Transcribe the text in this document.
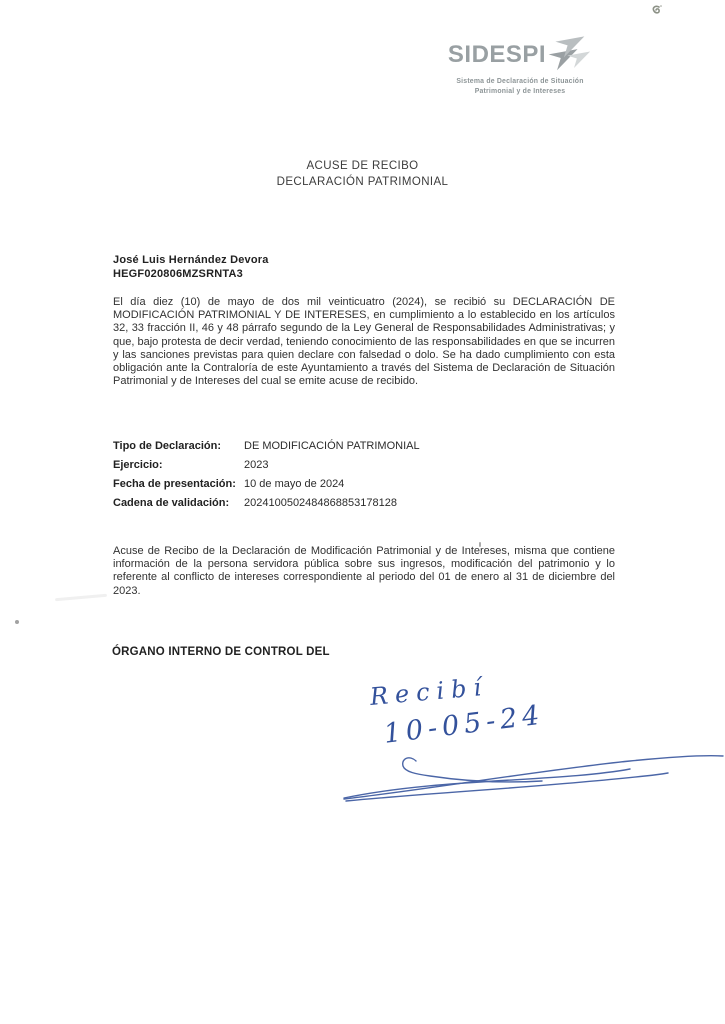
SIDESPI
Sistema de Declaración de Situación
Patrimonial y de Intereses
ACUSE DE RECIBO
DECLARACIÓN PATRIMONIAL
José Luis Hernández Devora
HEGF020806MZSRNTA3
El día diez (10) de mayo de dos mil veinticuatro (2024), se recibió su DECLARACIÓN DE MODIFICACIÓN PATRIMONIAL Y DE INTERESES, en cumplimiento a lo establecido en los artículos 32, 33 fracción II, 46 y 48 párrafo segundo de la Ley General de Responsabilidades Administrativas; y que, bajo protesta de decir verdad, teniendo conocimiento de las responsabilidades en que se incurren y las sanciones previstas para quien declare con falsedad o dolo. Se ha dado cumplimiento con esta obligación ante la Contraloría de este Ayuntamiento a través del Sistema de Declaración de Situación Patrimonial y de Intereses del cual se emite acuse de recibido.
Tipo de Declaración:	DE MODIFICACIÓN PATRIMONIAL
Ejercicio:	2023
Fecha de presentación: 10 de mayo de 2024
Cadena de validación:	2024100502484868853178128
Acuse de Recibo de la Declaración de Modificación Patrimonial y de Intereses, misma que contiene información de la persona servidora pública sobre sus ingresos, modificación del patrimonio y lo referente al conflicto de intereses correspondiente al periodo del 01 de enero al 31 de diciembre del 2023.
ÓRGANO INTERNO DE CONTROL DEL
Recibí
10-05-24
